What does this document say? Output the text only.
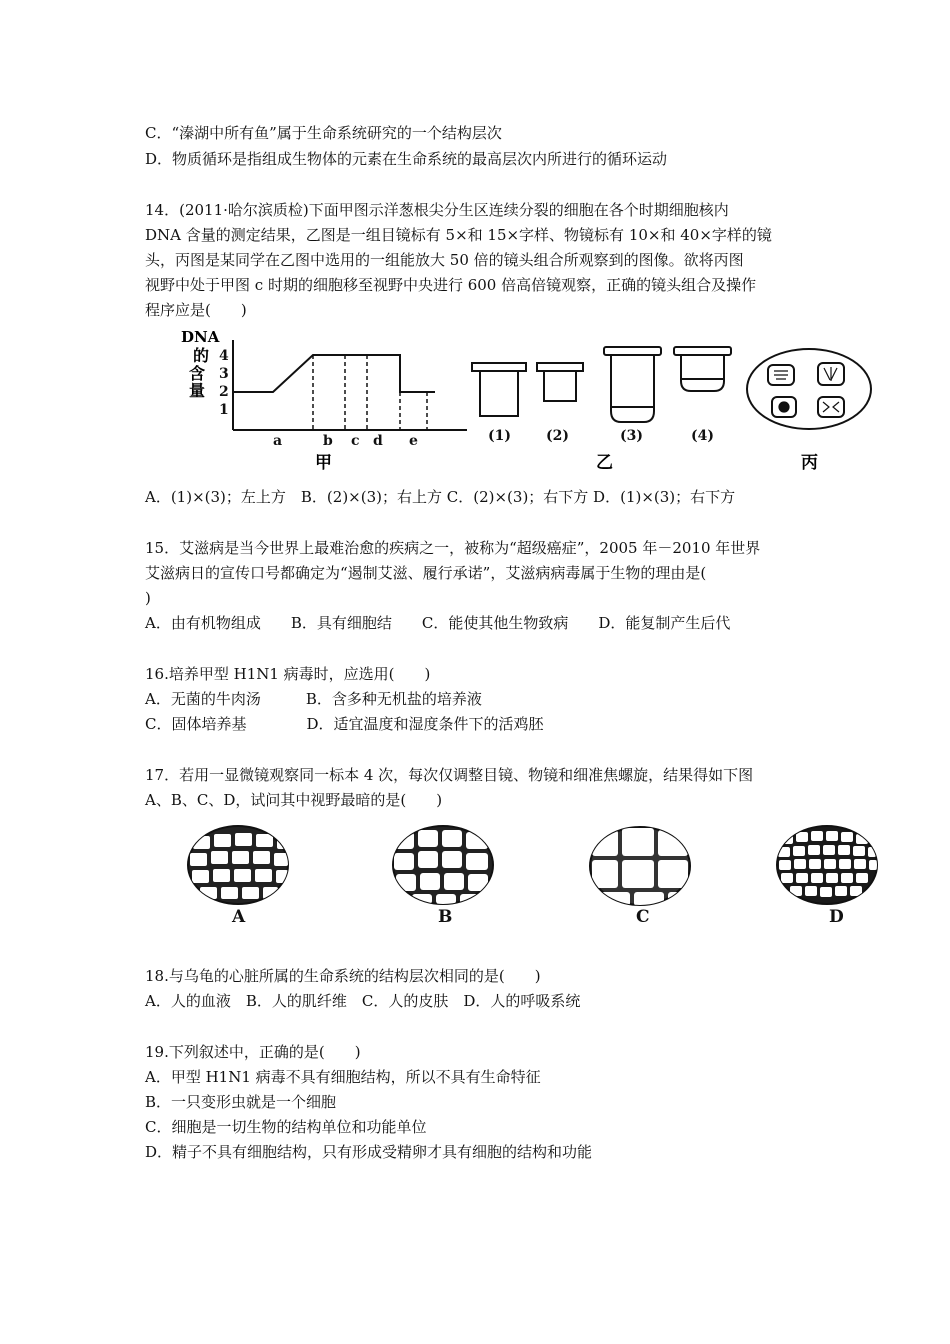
C．“溱湖中所有鱼”属于生命系统研究的一个结构层次
D．物质循环是指组成生物体的元素在生命系统的最高层次内所进行的循环运动
14．(2011·哈尔滨质检)下面甲图示洋葱根尖分生区连续分裂的细胞在各个时期细胞核内
DNA 含量的测定结果，乙图是一组目镜标有 5×和 15×字样、物镜标有 10×和 40×字样的镜
头，丙图是某同学在乙图中选用的一组能放大 50 倍的镜头组合所观察到的图像。欲将丙图
视野中处于甲图 c 时期的细胞移至视野中央进行 600 倍高倍镜观察，正确的镜头组合及操作
程序应是(　　)
DNA
的
含
量
1
2
3
4
a	b c d e
甲
(1)	(2)	(3)	(4)
乙	丙
A．(1)×(3)；左上方　B．(2)×(3)；右上方 C．(2)×(3)；右下方 D．(1)×(3)；右下方
15．艾滋病是当今世界上最难治愈的疾病之一，被称为“超级癌症”，2005 年－2010 年世界
艾滋病日的宣传口号都确定为“遏制艾滋、履行承诺”，艾滋病病毒属于生物的理由是(
)
A．由有机物组成　　B．具有细胞结　　C．能使其他生物致病　　D．能复制产生后代
16.培养甲型 H1N1 病毒时，应选用(　　)
A．无菌的牛肉汤　　　B．含多种无机盐的培养液
C．固体培养基　　　　D．适宜温度和湿度条件下的活鸡胚
17．若用一显微镜观察同一标本 4 次，每次仅调整目镜、物镜和细准焦螺旋，结果得如下图
A、B、C、D，试问其中视野最暗的是(　　)
A	B	C	D
18.与乌龟的心脏所属的生命系统的结构层次相同的是(　　)
A．人的血液　B．人的肌纤维　C．人的皮肤　D．人的呼吸系统
19.下列叙述中，正确的是(　　)
A．甲型 H1N1 病毒不具有细胞结构，所以不具有生命特征
B．一只变形虫就是一个细胞
C．细胞是一切生物的结构单位和功能单位
D．精子不具有细胞结构，只有形成受精卵才具有细胞的结构和功能
